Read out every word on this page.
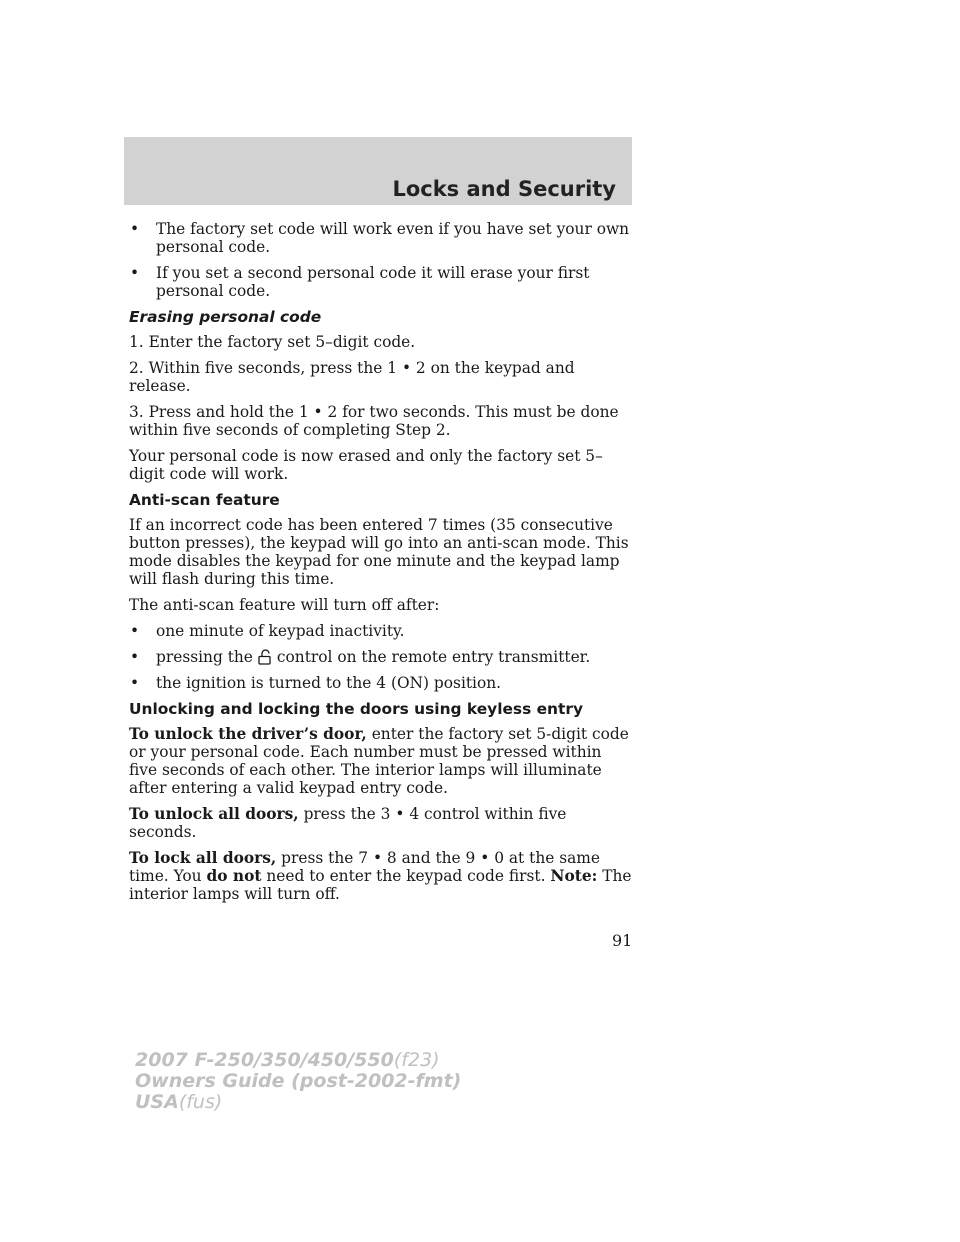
Locks and Security
• The factory set code will work even if you have set your own personal code.
• If you set a second personal code it will erase your first personal code.
Erasing personal code

1. Enter the factory set 5–digit code.

2. Within five seconds, press the 1 • 2 on the keypad and release.

3. Press and hold the 1 • 2 for two seconds. This must be done within five seconds of completing Step 2.

Your personal code is now erased and only the factory set 5–digit code will work.

Anti-scan feature

If an incorrect code has been entered 7 times (35 consecutive button presses), the keypad will go into an anti-scan mode. This mode disables the keypad for one minute and the keypad lamp will flash during this time.

The anti-scan feature will turn off after:

• one minute of keypad inactivity.
• pressing the control on the remote entry transmitter.
• the ignition is turned to the 4 (ON) position.
Unlocking and locking the doors using keyless entry

To unlock the driver’s door, enter the factory set 5-digit code or your personal code. Each number must be pressed within five seconds of each other. The interior lamps will illuminate after entering a valid keypad entry code.

To unlock all doors, press the 3 • 4 control within five seconds.

To lock all doors, press the 7 • 8 and the 9 • 0 at the same time. You do not need to enter the keypad code first. Note: The interior lamps will turn off.

91
2007 F-250/350/450/550(f23)
Owners Guide (post-2002-fmt)
USA(fus)
